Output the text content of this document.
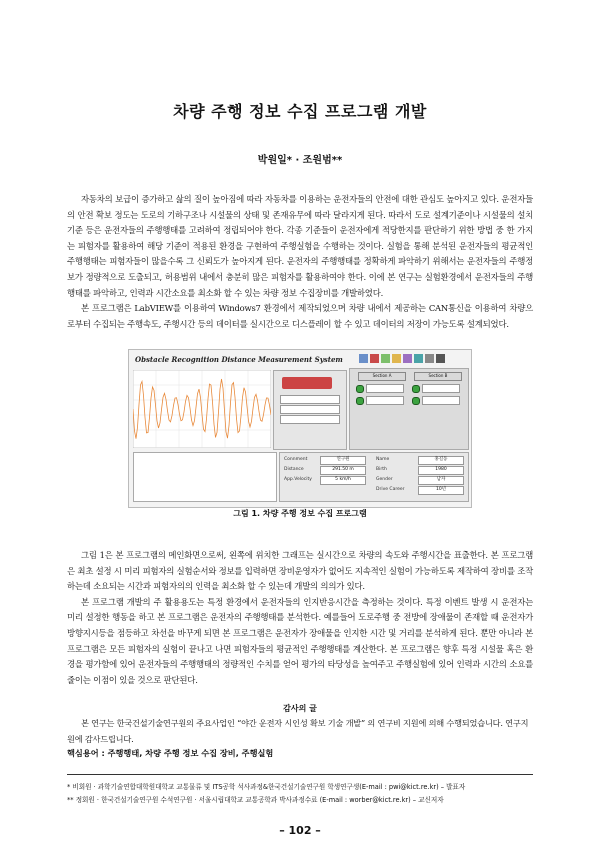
차량 주행 정보 수집 프로그램 개발
박원일* · 조원범**

자동차의 보급이 증가하고 삶의 질이 높아짐에 따라 자동차를 이용하는 운전자들의 안전에 대한 관심도 높아지고 있다. 운전자들의 안전 확보 정도는 도로의 기하구조나 시설물의 상태 및 존재유무에 따라 달라지게 된다. 따라서 도로 설계기준이나 시설물의 설치기준 등은 운전자들의 주행행태를 고려하여 정립되어야 한다. 각종 기준들이 운전자에게 적당한지를 판단하기 위한 방법 중 한 가지는 피험자를 활용하여 해당 기준이 적용된 환경을 구현하여 주행실험을 수행하는 것이다. 실험을 통해 분석된 운전자들의 평균적인 주행행태는 피험자들이 많을수록 그 신뢰도가 높아지게 된다. 운전자의 주행행태를 정확하게 파악하기 위해서는 운전자들의 주행정보가 정량적으로 도출되고, 허용범위 내에서 충분히 많은 피험자를 활용하여야 한다. 이에 본 연구는 실험환경에서 운전자들의 주행행태를 파악하고, 인력과 시간소요를 최소화 할 수 있는 차량 정보 수집장비를 개발하였다.

본 프로그램은 LabVIEW를 이용하여 Windows7 환경에서 제작되었으며 차량 내에서 제공하는 CAN통신을 이용하여 차량으로부터 수집되는 주행속도, 주행시간 등의 데이터를 실시간으로 디스플레이 할 수 있고 데이터의 저장이 가능도록 설계되었다.

Obstacle Recognition Distance Measurement System
Section A	Section B
Connment	연구원
Distance	291.50 m
App.Velocity	5 km/h
Name	홍길동
Birth	1980
Gender	남자
Drive Career	10년
그림 1. 차량 주행 정보 수집 프로그램

그림 1은 본 프로그램의 메인화면으로써, 왼쪽에 위치한 그래프는 실시간으로 차량의 속도와 주행시간을 표출한다. 본 프로그램은 최초 설정 시 미리 피험자의 실험순서와 정보를 입력하면 장비운영자가 없어도 지속적인 실험이 가능하도록 제작하여 장비를 조작하는데 소요되는 시간과 피험자의의 인력을 최소화 할 수 있는데 개발의 의의가 있다.

본 프로그램 개발의 주 활용용도는 특정 환경에서 운전자들의 인지반응시간을 측정하는 것이다. 특정 이벤트 발생 시 운전자는 미리 설정한 행동을 하고 본 프로그램은 운전자의 주행행태를 분석한다. 예를들어 도로주행 중 전방에 장애물이 존재할 때 운전자가 방향지시등을 점등하고 차선을 바꾸게 되면 본 프로그램은 운전자가 장애물을 인지한 시간 및 거리를 분석하게 된다. 뿐만 아니라 본 프로그램은 모든 피험자의 실험이 끝나고 나면 피험자들의 평균적인 주행행태를 계산한다. 본 프로그램은 향후 특정 시설물 혹은 환경을 평가함에 있어 운전자들의 주행행태의 정량적인 수치를 얻어 평가의 타당성을 높여주고 주행실험에 있어 인력과 시간의 소요를 줄이는 이점이 있을 것으로 판단된다.

감사의 글

본 연구는 한국건설기술연구원의 주요사업인 “야간 운전자 시인성 확보 기술 개발” 의 연구비 지원에 의해 수행되었습니다. 연구지원에 감사드립니다.

핵심용어 : 주행행태, 차량 주행 정보 수집 장비, 주행실험
* 비회원 · 과학기술연합대학원대학교 교통물류 및 ITS공학 석사과정&한국건설기술연구원 학생연구생(E-mail : pwi@kict.re.kr) – 발표자
** 정회원 · 한국건설기술연구원 수석연구원 · 서울시립대학교 교통공학과 박사과정수료 (E-mail : worber@kict.re.kr) – 교신저자
– 102 –
